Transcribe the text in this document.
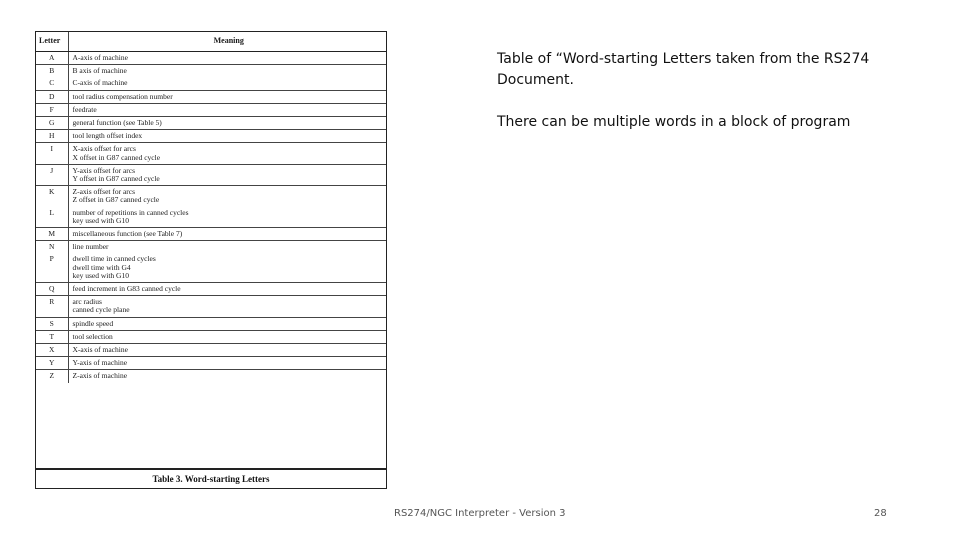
Letter	Meaning
A	A-axis of machine

B	B axis of machine

C	C-axis of machine

D	tool radius compensation number

F	feedrate

G	general function (see Table 5)

H	tool length offset index

I	X-axis offset for arcs
X offset in G87 canned cycle

J	Y-axis offset for arcs
Y offset in G87 canned cycle

K	Z-axis offset for arcs
Z offset in G87 canned cycle

L	number of repetitions in canned cycles
key used with G10

M	miscellaneous function (see Table 7)

N	line number

P	dwell time in canned cycles
dwell time with G4
key used with G10

Q	feed increment in G83 canned cycle

R	arc radius
canned cycle plane

S	spindle speed

T	tool selection

X	X-axis of machine

Y	Y-axis of machine

Z	Z-axis of machine
Table 3. Word-starting Letters

Table of “Word-starting Letters taken from the RS274 Document.

There can be multiple words in a block of program

RS274/NGC Interpreter - Version 3	28
